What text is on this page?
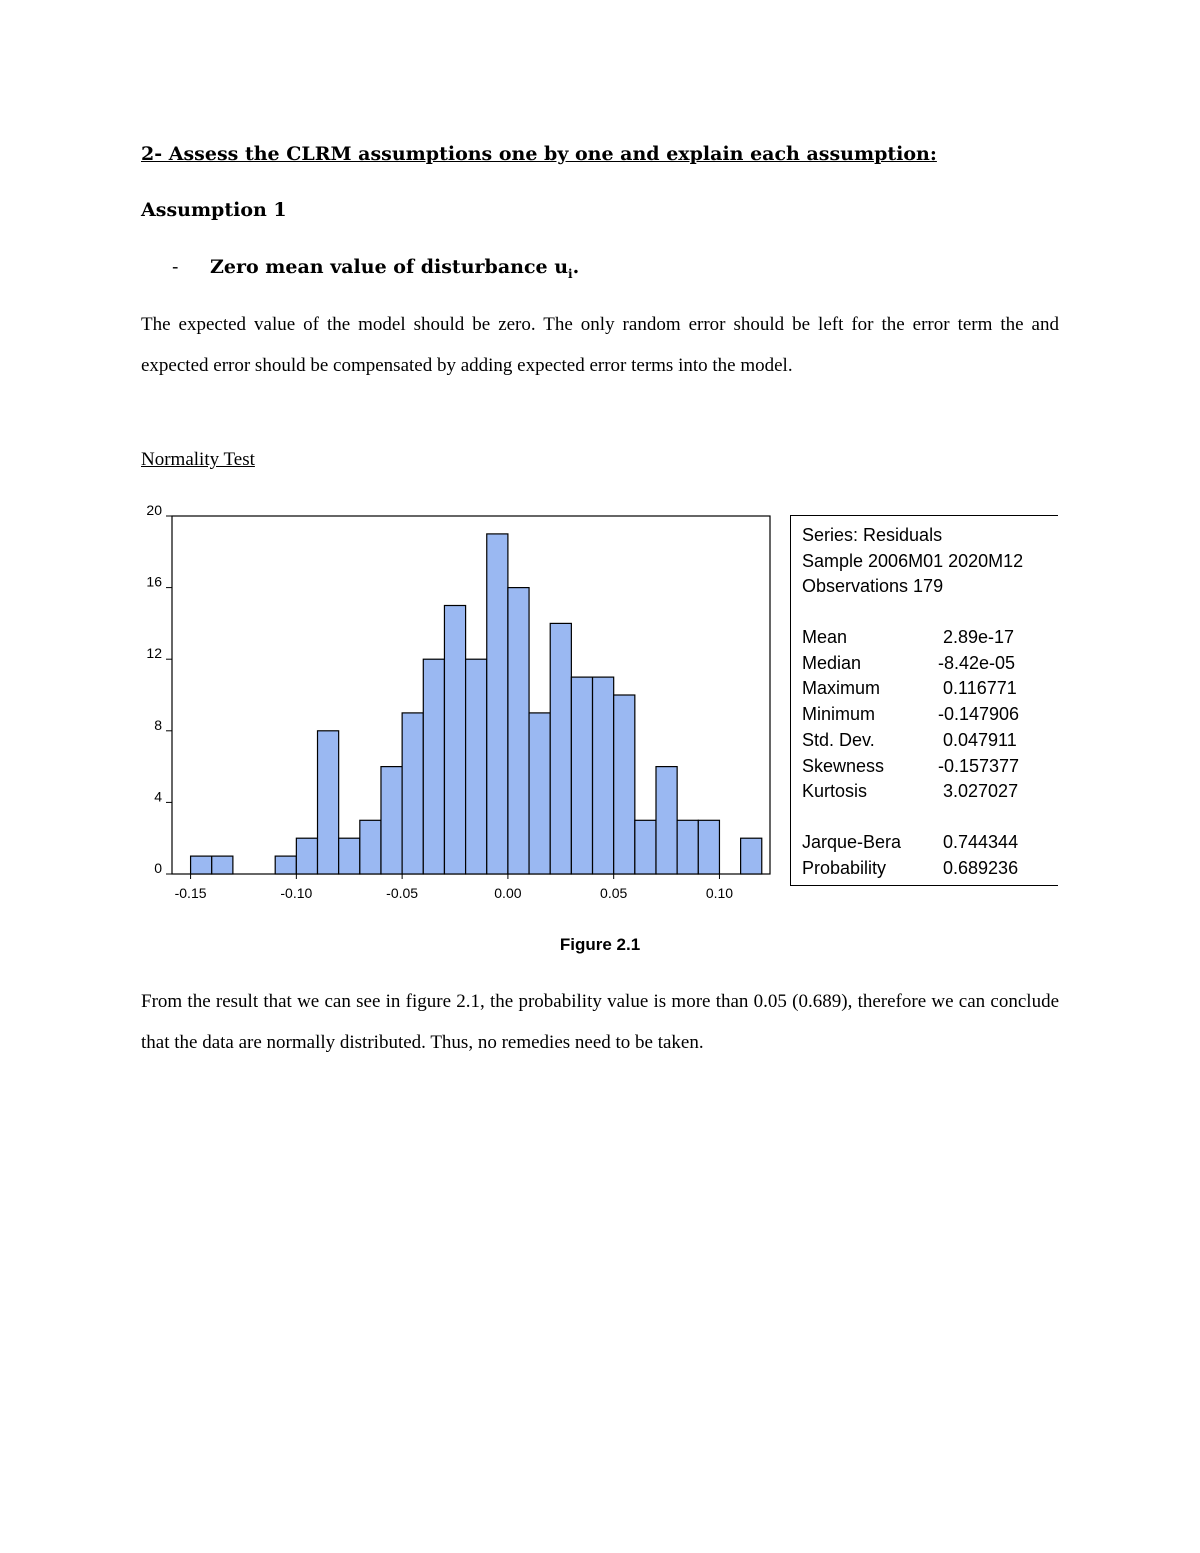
2- Assess the CLRM assumptions one by one and explain each assumption:
Assumption 1
- Zero mean value of disturbance $u_i$.
The expected value of the model should be zero. The only random error should be left for the error term the and expected error should be compensated by adding expected error terms into the model.
Normality Test
0
4
8
12
16
20
-0.15	-0.10	-0.05	0.00	0.05	0.10
Series: Residuals
Sample 2006M01 2020M12
Observations 179
Mean	2.89e-17
Median	-8.42e-05
Maximum	0.116771
Minimum	-0.147906
Std. Dev.	0.047911
Skewness	-0.157377
Kurtosis	3.027027
Jarque-Bera 0.744344
Probability	0.689236
Figure 2.1
From the result that we can see in figure 2.1, the probability value is more than 0.05 (0.689), therefore we can conclude that the data are normally distributed. Thus, no remedies need to be taken.
